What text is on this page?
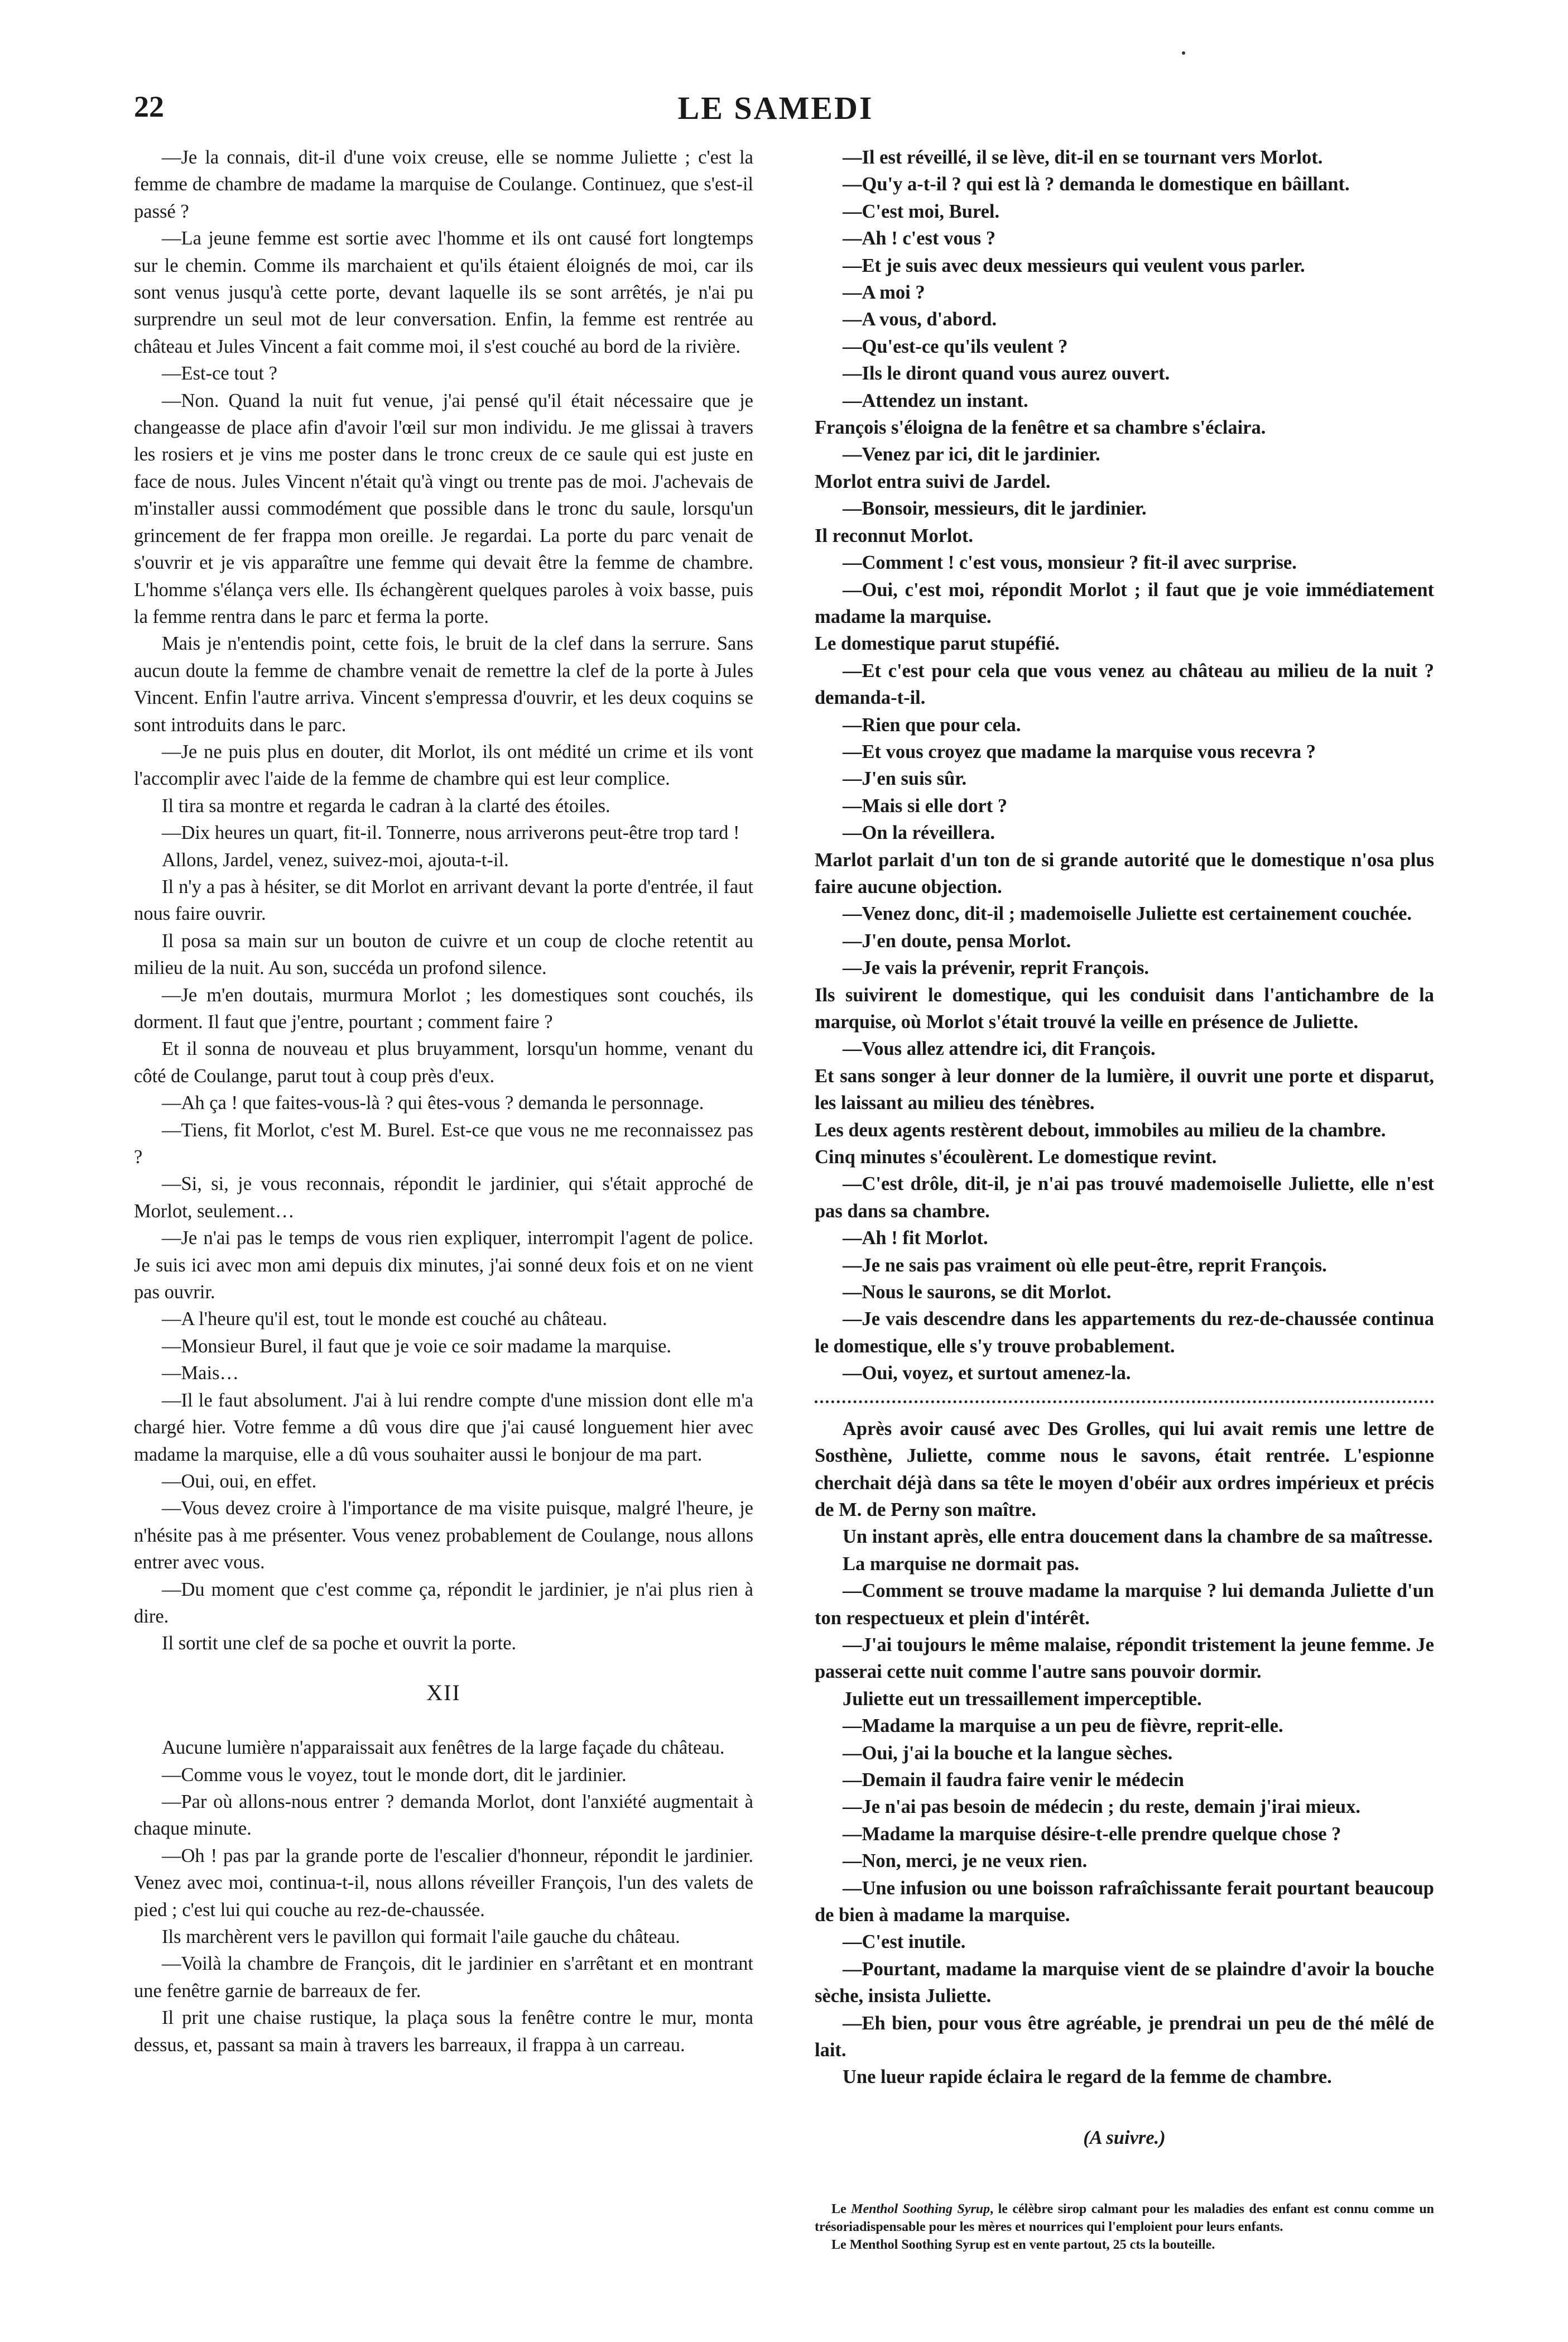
22	LE SAMEDI

—Je la connais, dit-il d'une voix creuse, elle se nomme Juliette ; c'est la femme de chambre de madame la marquise de Coulange. Continuez, que s'est-il passé ?

—La jeune femme est sortie avec l'homme et ils ont causé fort longtemps sur le chemin. Comme ils marchaient et qu'ils étaient éloignés de moi, car ils sont venus jusqu'à cette porte, devant laquelle ils se sont arrêtés, je n'ai pu surprendre un seul mot de leur conversation. Enfin, la femme est rentrée au château et Jules Vincent a fait comme moi, il s'est couché au bord de la rivière.

—Est-ce tout ?

—Non. Quand la nuit fut venue, j'ai pensé qu'il était nécessaire que je changeasse de place afin d'avoir l'œil sur mon individu. Je me glissai à travers les rosiers et je vins me poster dans le tronc creux de ce saule qui est juste en face de nous. Jules Vincent n'était qu'à vingt ou trente pas de moi. J'achevais de m'installer aussi commodément que possible dans le tronc du saule, lorsqu'un grincement de fer frappa mon oreille. Je regardai. La porte du parc venait de s'ouvrir et je vis apparaître une femme qui devait être la femme de chambre. L'homme s'élança vers elle. Ils échangèrent quelques paroles à voix basse, puis la femme rentra dans le parc et ferma la porte.

Mais je n'entendis point, cette fois, le bruit de la clef dans la serrure. Sans aucun doute la femme de chambre venait de remettre la clef de la porte à Jules Vincent. Enfin l'autre arriva. Vincent s'empressa d'ouvrir, et les deux coquins se sont introduits dans le parc.

—Je ne puis plus en douter, dit Morlot, ils ont médité un crime et ils vont l'accomplir avec l'aide de la femme de chambre qui est leur complice.

Il tira sa montre et regarda le cadran à la clarté des étoiles.

—Dix heures un quart, fit-il. Tonnerre, nous arriverons peut-être trop tard !

Allons, Jardel, venez, suivez-moi, ajouta-t-il.

Il n'y a pas à hésiter, se dit Morlot en arrivant devant la porte d'entrée, il faut nous faire ouvrir.

Il posa sa main sur un bouton de cuivre et un coup de cloche retentit au milieu de la nuit. Au son, succéda un profond silence.

—Je m'en doutais, murmura Morlot ; les domestiques sont couchés, ils dorment. Il faut que j'entre, pourtant ; comment faire ?

Et il sonna de nouveau et plus bruyamment, lorsqu'un homme, venant du côté de Coulange, parut tout à coup près d'eux.

—Ah ça ! que faites-vous-là ? qui êtes-vous ? demanda le personnage.

—Tiens, fit Morlot, c'est M. Burel. Est-ce que vous ne me reconnaissez pas ?

—Si, si, je vous reconnais, répondit le jardinier, qui s'était approché de Morlot, seulement…

—Je n'ai pas le temps de vous rien expliquer, interrompit l'agent de police. Je suis ici avec mon ami depuis dix minutes, j'ai sonné deux fois et on ne vient pas ouvrir.

—A l'heure qu'il est, tout le monde est couché au château.

—Monsieur Burel, il faut que je voie ce soir madame la marquise.

—Mais…

—Il le faut absolument. J'ai à lui rendre compte d'une mission dont elle m'a chargé hier. Votre femme a dû vous dire que j'ai causé longuement hier avec madame la marquise, elle a dû vous souhaiter aussi le bonjour de ma part.

—Oui, oui, en effet.

—Vous devez croire à l'importance de ma visite puisque, malgré l'heure, je n'hésite pas à me présenter. Vous venez probablement de Coulange, nous allons entrer avec vous.

—Du moment que c'est comme ça, répondit le jardinier, je n'ai plus rien à dire.

Il sortit une clef de sa poche et ouvrit la porte.

XII

Aucune lumière n'apparaissait aux fenêtres de la large façade du château.

—Comme vous le voyez, tout le monde dort, dit le jardinier.

—Par où allons-nous entrer ? demanda Morlot, dont l'anxiété augmentait à chaque minute.

—Oh ! pas par la grande porte de l'escalier d'honneur, répondit le jardinier. Venez avec moi, continua-t-il, nous allons réveiller François, l'un des valets de pied ; c'est lui qui couche au rez-de-chaussée.

Ils marchèrent vers le pavillon qui formait l'aile gauche du château.

—Voilà la chambre de François, dit le jardinier en s'arrêtant et en montrant une fenêtre garnie de barreaux de fer.

Il prit une chaise rustique, la plaça sous la fenêtre contre le mur, monta dessus, et, passant sa main à travers les barreaux, il frappa à un carreau.

—Il est réveillé, il se lève, dit-il en se tournant vers Morlot.

—Qu'y a-t-il ? qui est là ? demanda le domestique en bâillant.

—C'est moi, Burel.

—Ah ! c'est vous ?

—Et je suis avec deux messieurs qui veulent vous parler.

—A moi ?

—A vous, d'abord.

—Qu'est-ce qu'ils veulent ?

—Ils le diront quand vous aurez ouvert.

—Attendez un instant.

François s'éloigna de la fenêtre et sa chambre s'éclaira.

—Venez par ici, dit le jardinier.

Morlot entra suivi de Jardel.

—Bonsoir, messieurs, dit le jardinier.

Il reconnut Morlot.

—Comment ! c'est vous, monsieur ? fit-il avec surprise.

—Oui, c'est moi, répondit Morlot ; il faut que je voie immédiatement madame la marquise.

Le domestique parut stupéfié.

—Et c'est pour cela que vous venez au château au milieu de la nuit ? demanda-t-il.

—Rien que pour cela.

—Et vous croyez que madame la marquise vous recevra ?

—J'en suis sûr.

—Mais si elle dort ?

—On la réveillera.

Marlot parlait d'un ton de si grande autorité que le domestique n'osa plus faire aucune objection.

—Venez donc, dit-il ; mademoiselle Juliette est certainement couchée.

—J'en doute, pensa Morlot.

—Je vais la prévenir, reprit François.

Ils suivirent le domestique, qui les conduisit dans l'antichambre de la marquise, où Morlot s'était trouvé la veille en présence de Juliette.

—Vous allez attendre ici, dit François.

Et sans songer à leur donner de la lumière, il ouvrit une porte et disparut, les laissant au milieu des ténèbres.

Les deux agents restèrent debout, immobiles au milieu de la chambre.

Cinq minutes s'écoulèrent. Le domestique revint.

—C'est drôle, dit-il, je n'ai pas trouvé mademoiselle Juliette, elle n'est pas dans sa chambre.

—Ah ! fit Morlot.

—Je ne sais pas vraiment où elle peut-être, reprit François.

—Nous le saurons, se dit Morlot.

—Je vais descendre dans les appartements du rez-de-chaussée continua le domestique, elle s'y trouve probablement.

—Oui, voyez, et surtout amenez-la.

Après avoir causé avec Des Grolles, qui lui avait remis une lettre de Sosthène, Juliette, comme nous le savons, était rentrée. L'espionne cherchait déjà dans sa tête le moyen d'obéir aux ordres impérieux et précis de M. de Perny son maître.

Un instant après, elle entra doucement dans la chambre de sa maîtresse.

La marquise ne dormait pas.

—Comment se trouve madame la marquise ? lui demanda Juliette d'un ton respectueux et plein d'intérêt.

—J'ai toujours le même malaise, répondit tristement la jeune femme. Je passerai cette nuit comme l'autre sans pouvoir dormir.

Juliette eut un tressaillement imperceptible.

—Madame la marquise a un peu de fièvre, reprit-elle.

—Oui, j'ai la bouche et la langue sèches.

—Demain il faudra faire venir le médecin

—Je n'ai pas besoin de médecin ; du reste, demain j'irai mieux.

—Madame la marquise désire-t-elle prendre quelque chose ?

—Non, merci, je ne veux rien.

—Une infusion ou une boisson rafraîchissante ferait pourtant beaucoup de bien à madame la marquise.

—C'est inutile.

—Pourtant, madame la marquise vient de se plaindre d'avoir la bouche sèche, insista Juliette.

—Eh bien, pour vous être agréable, je prendrai un peu de thé mêlé de lait.

Une lueur rapide éclaira le regard de la femme de chambre.

(A suivre.)

Le Menthol Soothing Syrup, le célèbre sirop calmant pour les maladies des enfant est connu comme un trésoriadispensable pour les mères et nourrices qui l'emploient pour leurs enfants.
Le Menthol Soothing Syrup est en vente partout, 25 cts la bouteille.
